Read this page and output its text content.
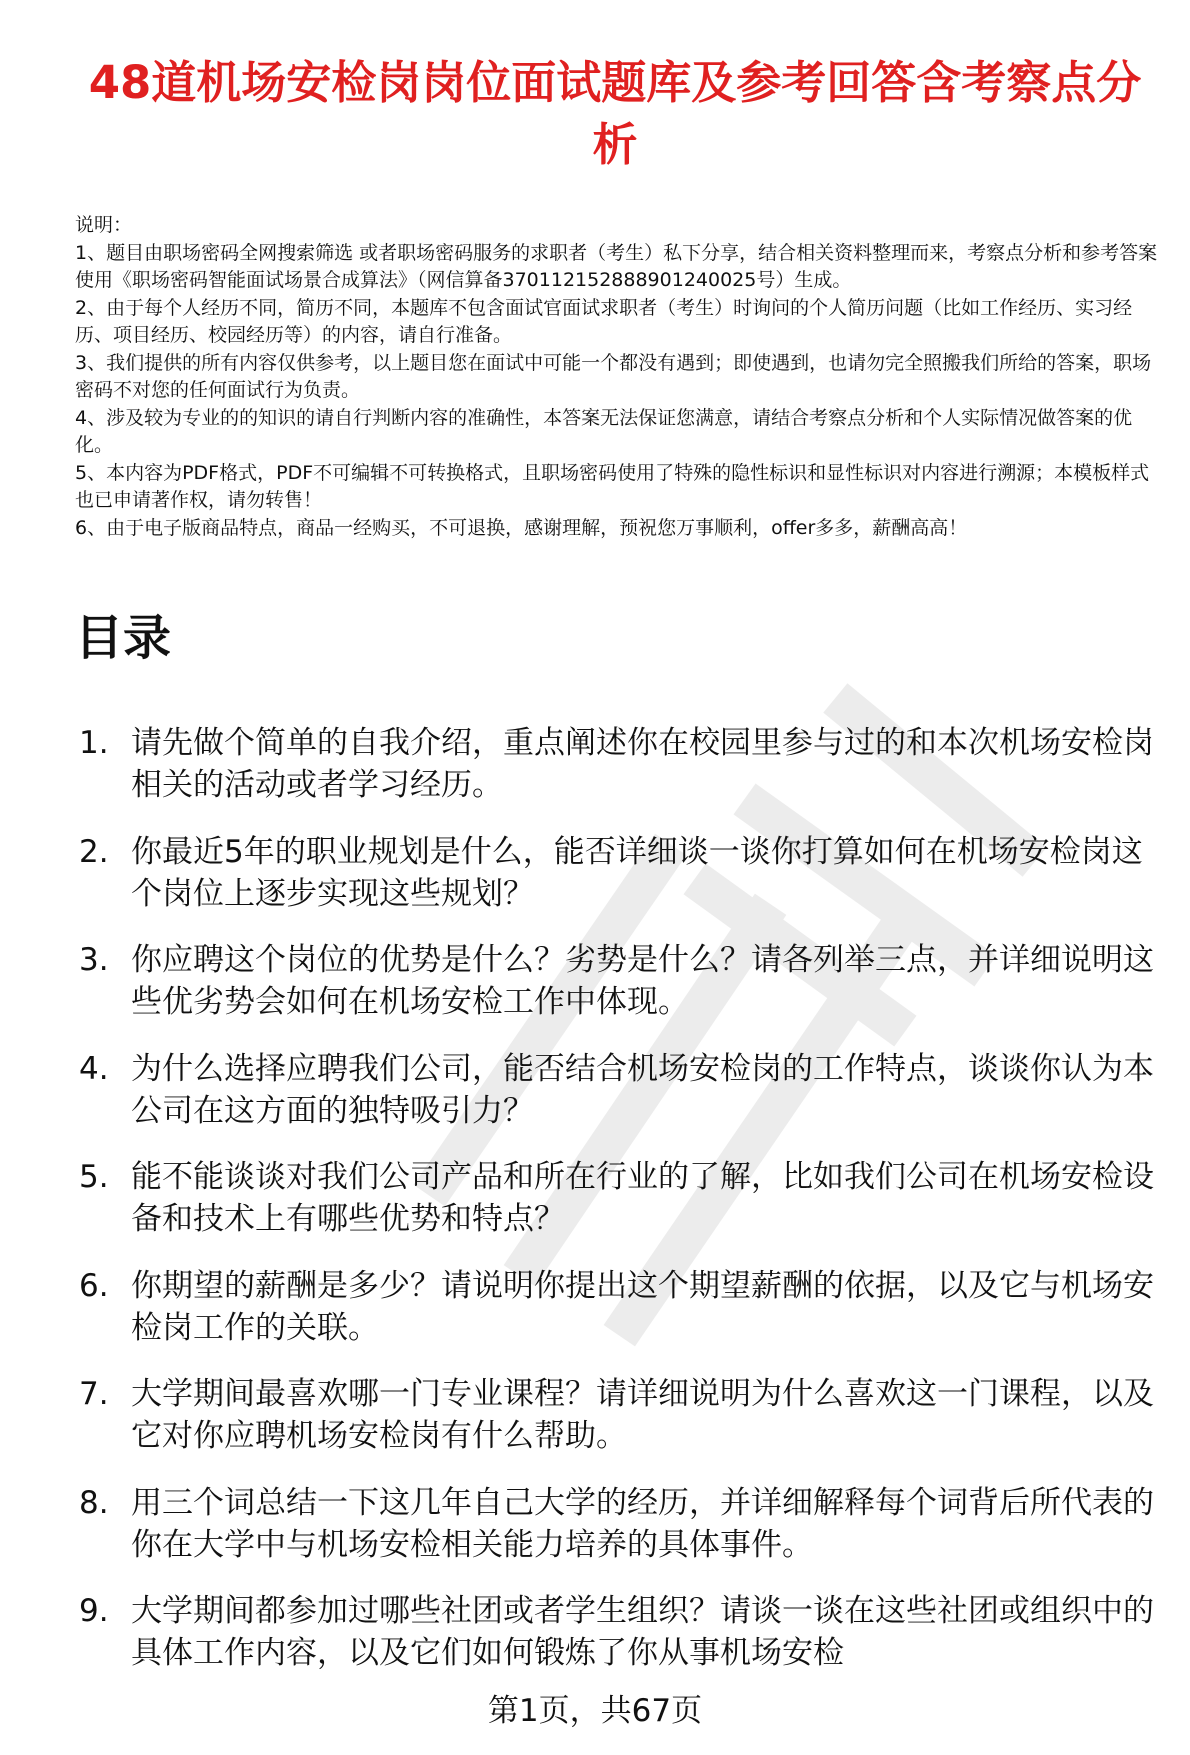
48道机场安检岗岗位面试题库及参考回答含考察点分析

说明：

1、题目由职场密码全网搜索筛选 或者职场密码服务的求职者（考生）私下分享，结合相关资料整理而来，考察点分析和参考答案使用《职场密码智能面试场景合成算法》（网信算备370112152888901240025号）生成。

2、由于每个人经历不同，简历不同，本题库不包含面试官面试求职者（考生）时询问的个人简历问题（比如工作经历、实习经历、项目经历、校园经历等）的内容，请自行准备。

3、我们提供的所有内容仅供参考，以上题目您在面试中可能一个都没有遇到；即使遇到，也请勿完全照搬我们所给的答案，职场密码不对您的任何面试行为负责。

4、涉及较为专业的的知识的请自行判断内容的准确性，本答案无法保证您满意，请结合考察点分析和个人实际情况做答案的优化。

5、本内容为PDF格式，PDF不可编辑不可转换格式，且职场密码使用了特殊的隐性标识和显性标识对内容进行溯源；本模板样式也已申请著作权，请勿转售！

6、由于电子版商品特点，商品一经购买，不可退换，感谢理解，预祝您万事顺利，offer多多，薪酬高高！

目录
1. 请先做个简单的自我介绍，重点阐述你在校园里参与过的和本次机场安检岗相关的活动或者学习经历。
2. 你最近5年的职业规划是什么，能否详细谈一谈你打算如何在机场安检岗这个岗位上逐步实现这些规划？
3. 你应聘这个岗位的优势是什么？劣势是什么？请各列举三点，并详细说明这些优劣势会如何在机场安检工作中体现。
4. 为什么选择应聘我们公司，能否结合机场安检岗的工作特点，谈谈你认为本公司在这方面的独特吸引力？
5. 能不能谈谈对我们公司产品和所在行业的了解，比如我们公司在机场安检设备和技术上有哪些优势和特点？
6. 你期望的薪酬是多少？请说明你提出这个期望薪酬的依据，以及它与机场安检岗工作的关联。
7. 大学期间最喜欢哪一门专业课程？请详细说明为什么喜欢这一门课程，以及它对你应聘机场安检岗有什么帮助。
8. 用三个词总结一下这几年自己大学的经历，并详细解释每个词背后所代表的你在大学中与机场安检相关能力培养的具体事件。
9. 大学期间都参加过哪些社团或者学生组织？请谈一谈在这些社团或组织中的具体工作内容，以及它们如何锻炼了你从事机场安检
第1页，共67页
